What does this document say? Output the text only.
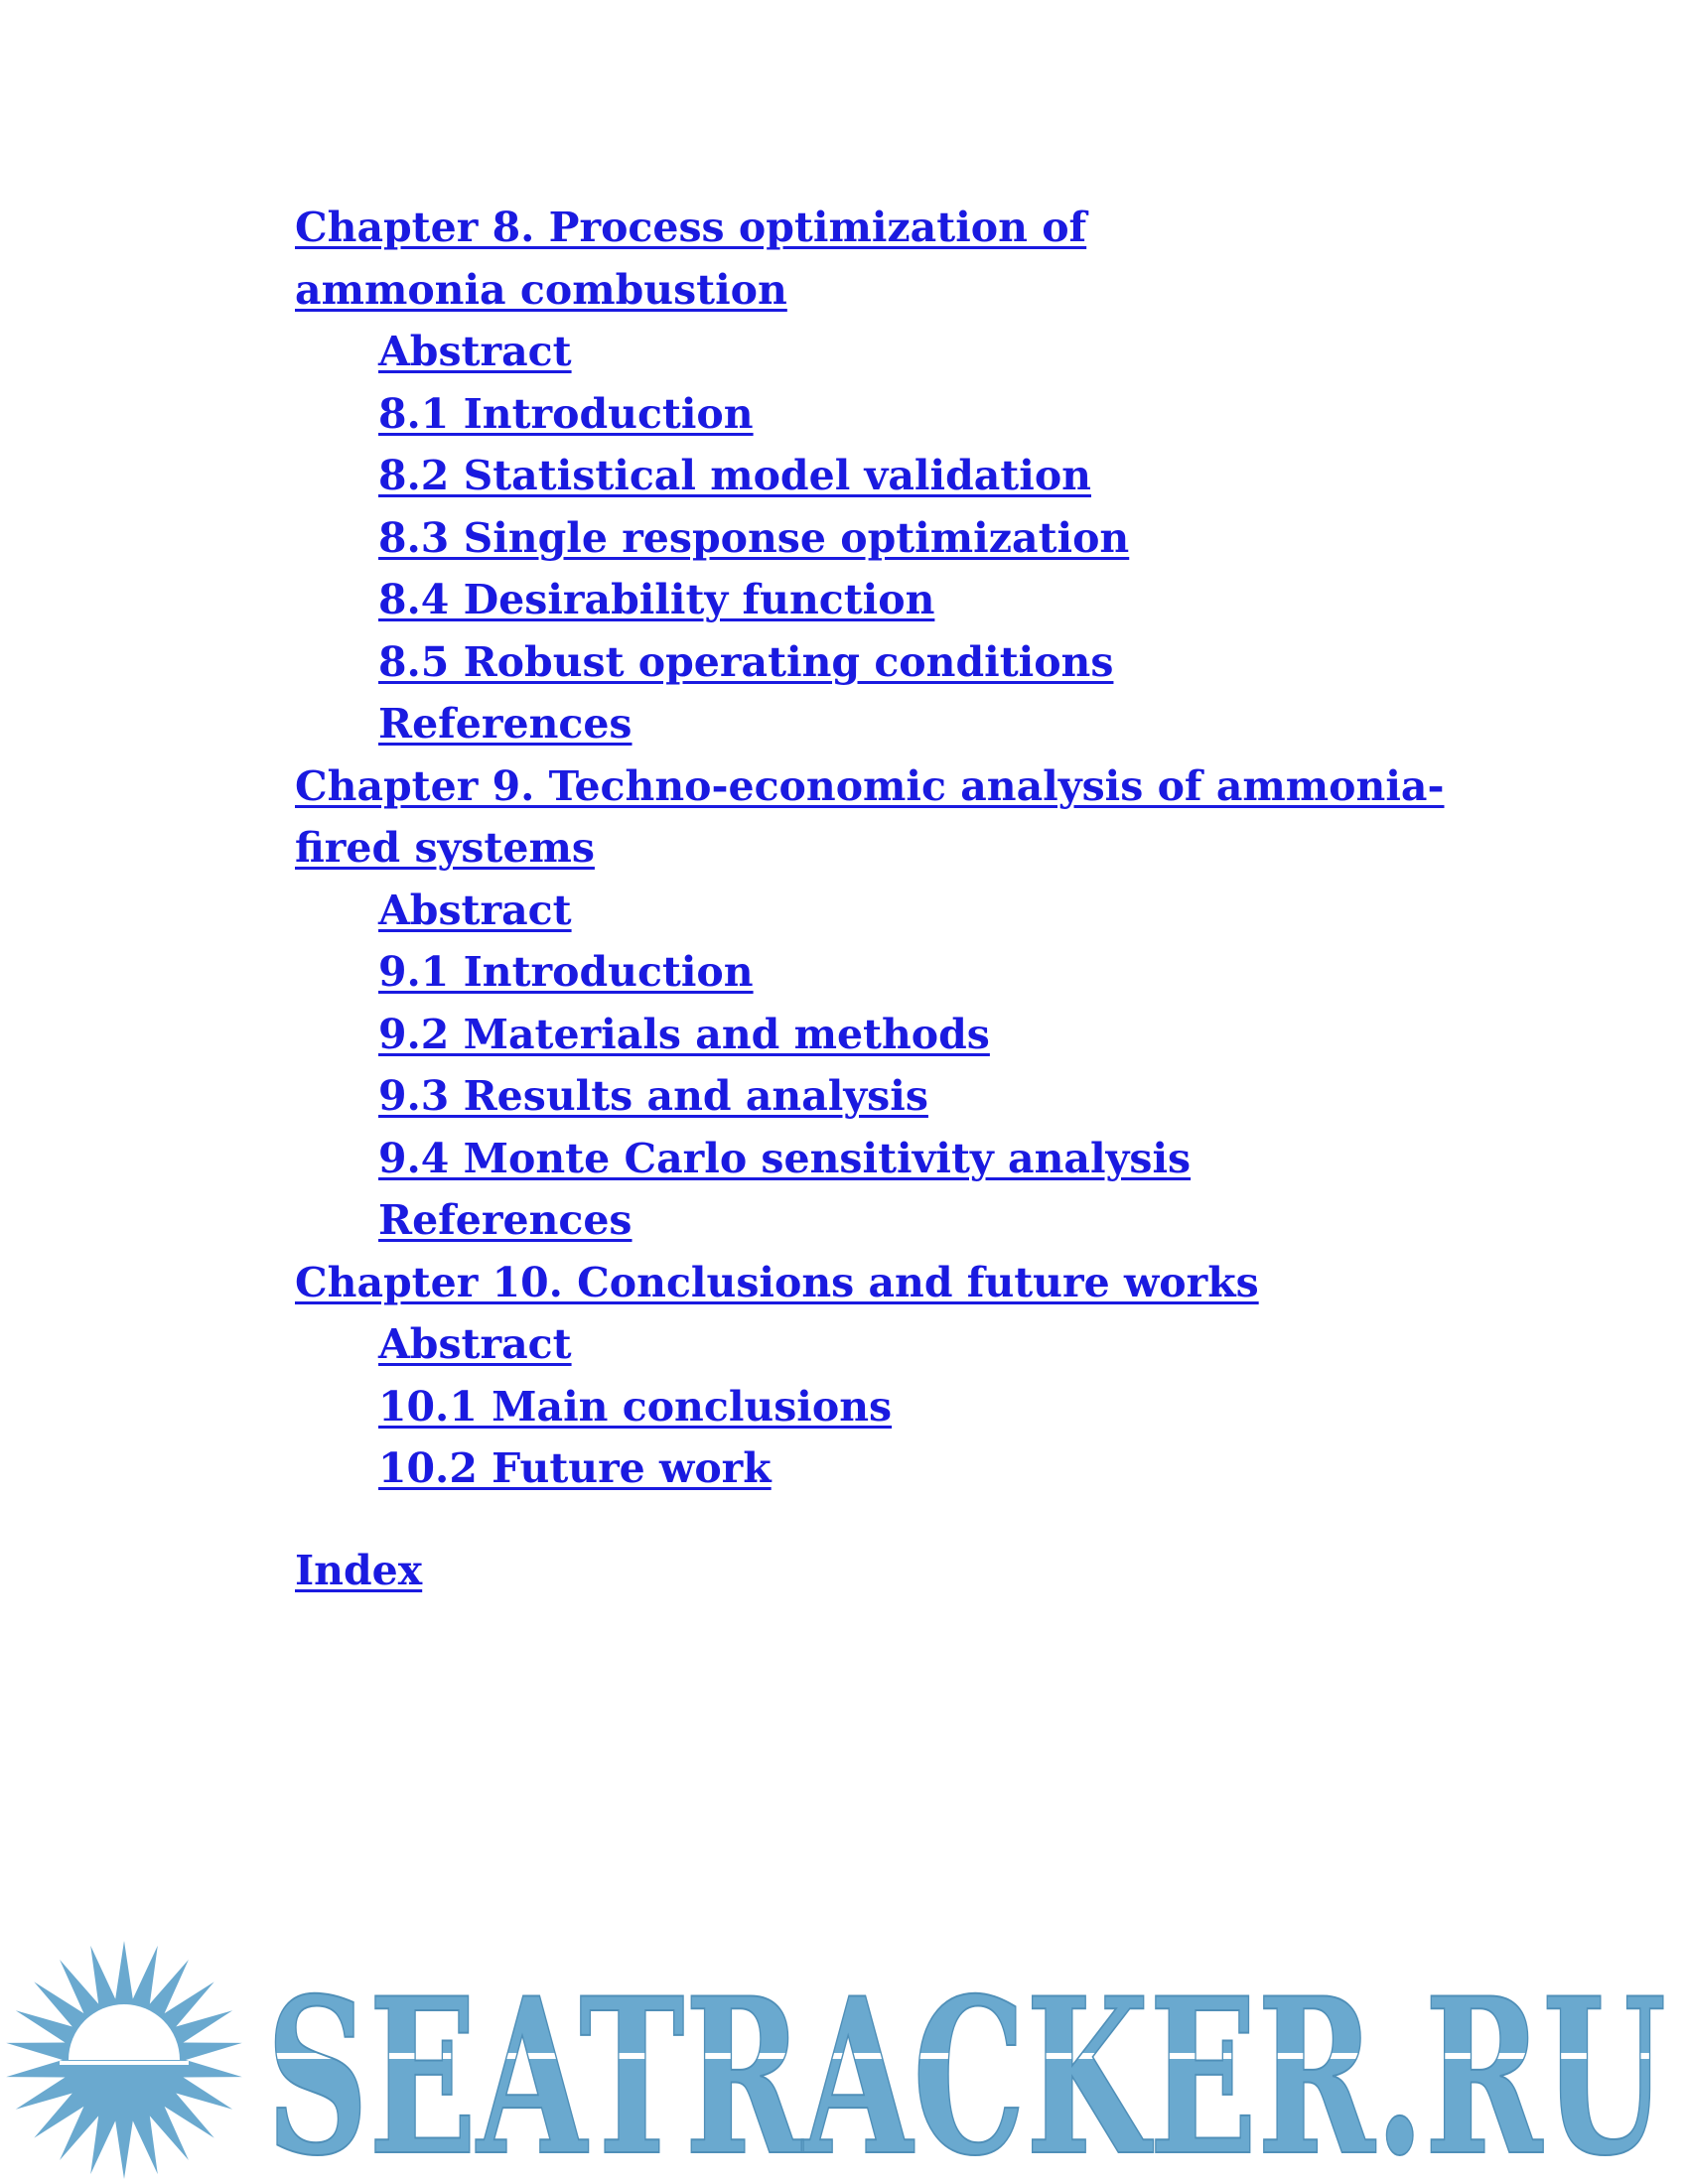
Chapter 8. Process optimization of ammonia combustion
Abstract
8.1 Introduction
8.2 Statistical model validation
8.3 Single response optimization
8.4 Desirability function
8.5 Robust operating conditions
References
Chapter 9. Techno-economic analysis of ammonia-fired systems
Abstract
9.1 Introduction
9.2 Materials and methods
9.3 Results and analysis
9.4 Monte Carlo sensitivity analysis
References
Chapter 10. Conclusions and future works
Abstract
10.1 Main conclusions
10.2 Future work
Index
SEATRACKER.RU
